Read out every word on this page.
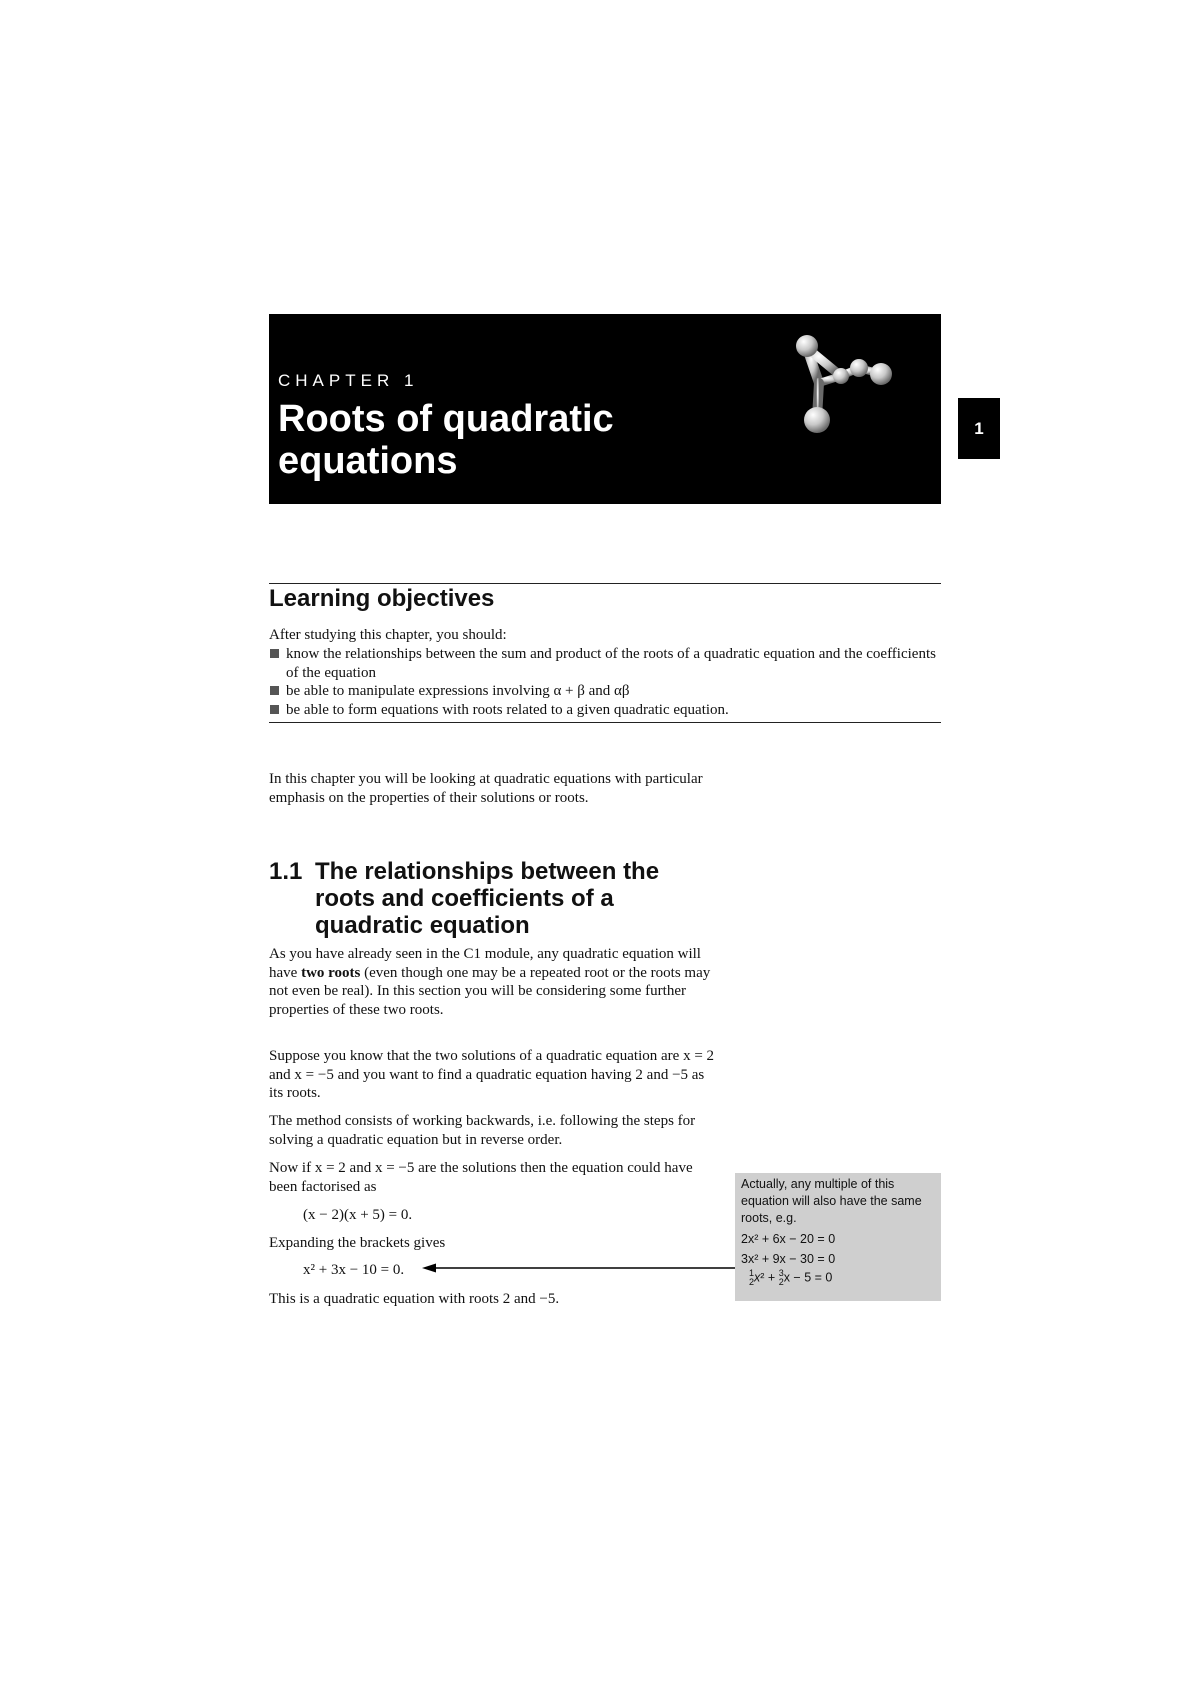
CHAPTER 1
Roots of quadratic equations
1
Learning objectives
After studying this chapter, you should:
know the relationships between the sum and product of the roots of a quadratic equation and the coefficients of the equation
be able to manipulate expressions involving α + β and αβ
be able to form equations with roots related to a given quadratic equation.
In this chapter you will be looking at quadratic equations with particular emphasis on the properties of their solutions or roots.
1.1 The relationships between the roots and coefficients of a quadratic equation
As you have already seen in the C1 module, any quadratic equation will have two roots (even though one may be a repeated root or the roots may not even be real). In this section you will be considering some further properties of these two roots.
Suppose you know that the two solutions of a quadratic equation are x = 2 and x = −5 and you want to find a quadratic equation having 2 and −5 as its roots.
The method consists of working backwards, i.e. following the steps for solving a quadratic equation but in reverse order.
Now if x = 2 and x = −5 are the solutions then the equation could have been factorised as
(x − 2)(x + 5) = 0.
Expanding the brackets gives
x² + 3x − 10 = 0.
This is a quadratic equation with roots 2 and −5.
Actually, any multiple of this equation will also have the same roots, e.g.
2x² + 6x − 20 = 0
3x² + 9x − 30 = 0
1
2 x² + 3
2 x − 5 = 0
